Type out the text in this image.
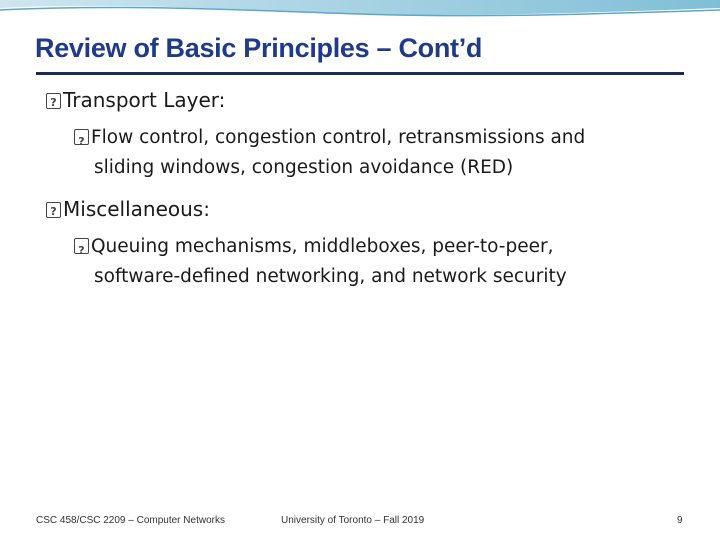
Review of Basic Principles – Cont’d
?Transport Layer:
?Flow control, congestion control, retransmissions and
sliding windows, congestion avoidance (RED)
?Miscellaneous:
?Queuing mechanisms, middleboxes, peer-to-peer,
software-defined networking, and network security
CSC 458/CSC 2209 – Computer Networks	University of Toronto – Fall 2019	9
